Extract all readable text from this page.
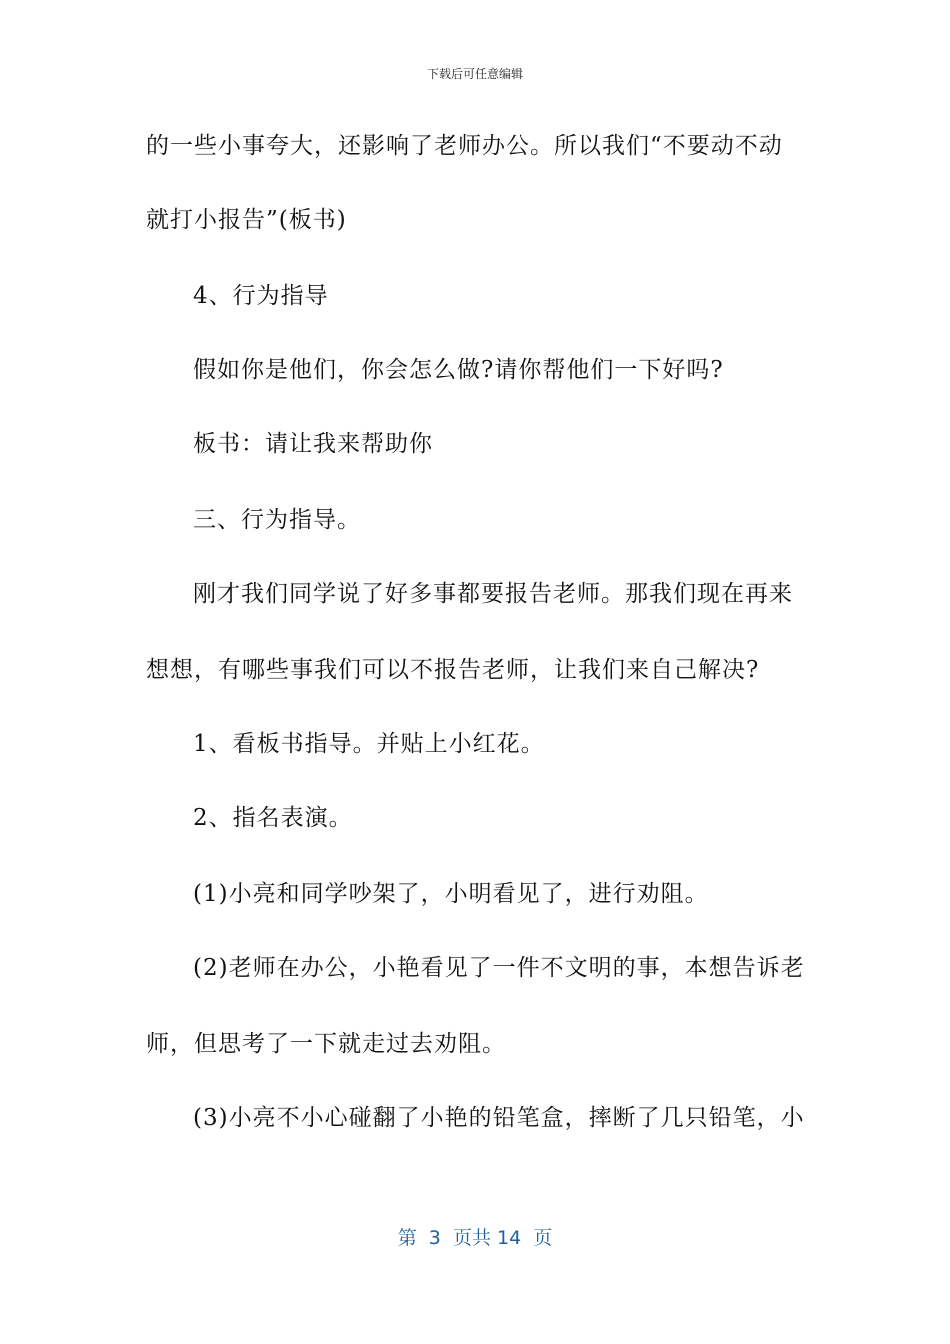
下载后可任意编辑
的一些小事夸大，还影响了老师办公。所以我们“不要动不动
就打小报告”(板书)
4、行为指导
假如你是他们，你会怎么做?请你帮他们一下好吗?
板书：请让我来帮助你
三、行为指导。
刚才我们同学说了好多事都要报告老师。那我们现在再来
想想，有哪些事我们可以不报告老师，让我们来自己解决?
1、看板书指导。并贴上小红花。
2、指名表演。
(1)小亮和同学吵架了，小明看见了，进行劝阻。
(2)老师在办公，小艳看见了一件不文明的事，本想告诉老
师，但思考了一下就走过去劝阻。
(3)小亮不小心碰翻了小艳的铅笔盒，摔断了几只铅笔，小
第  3  页共 14  页
